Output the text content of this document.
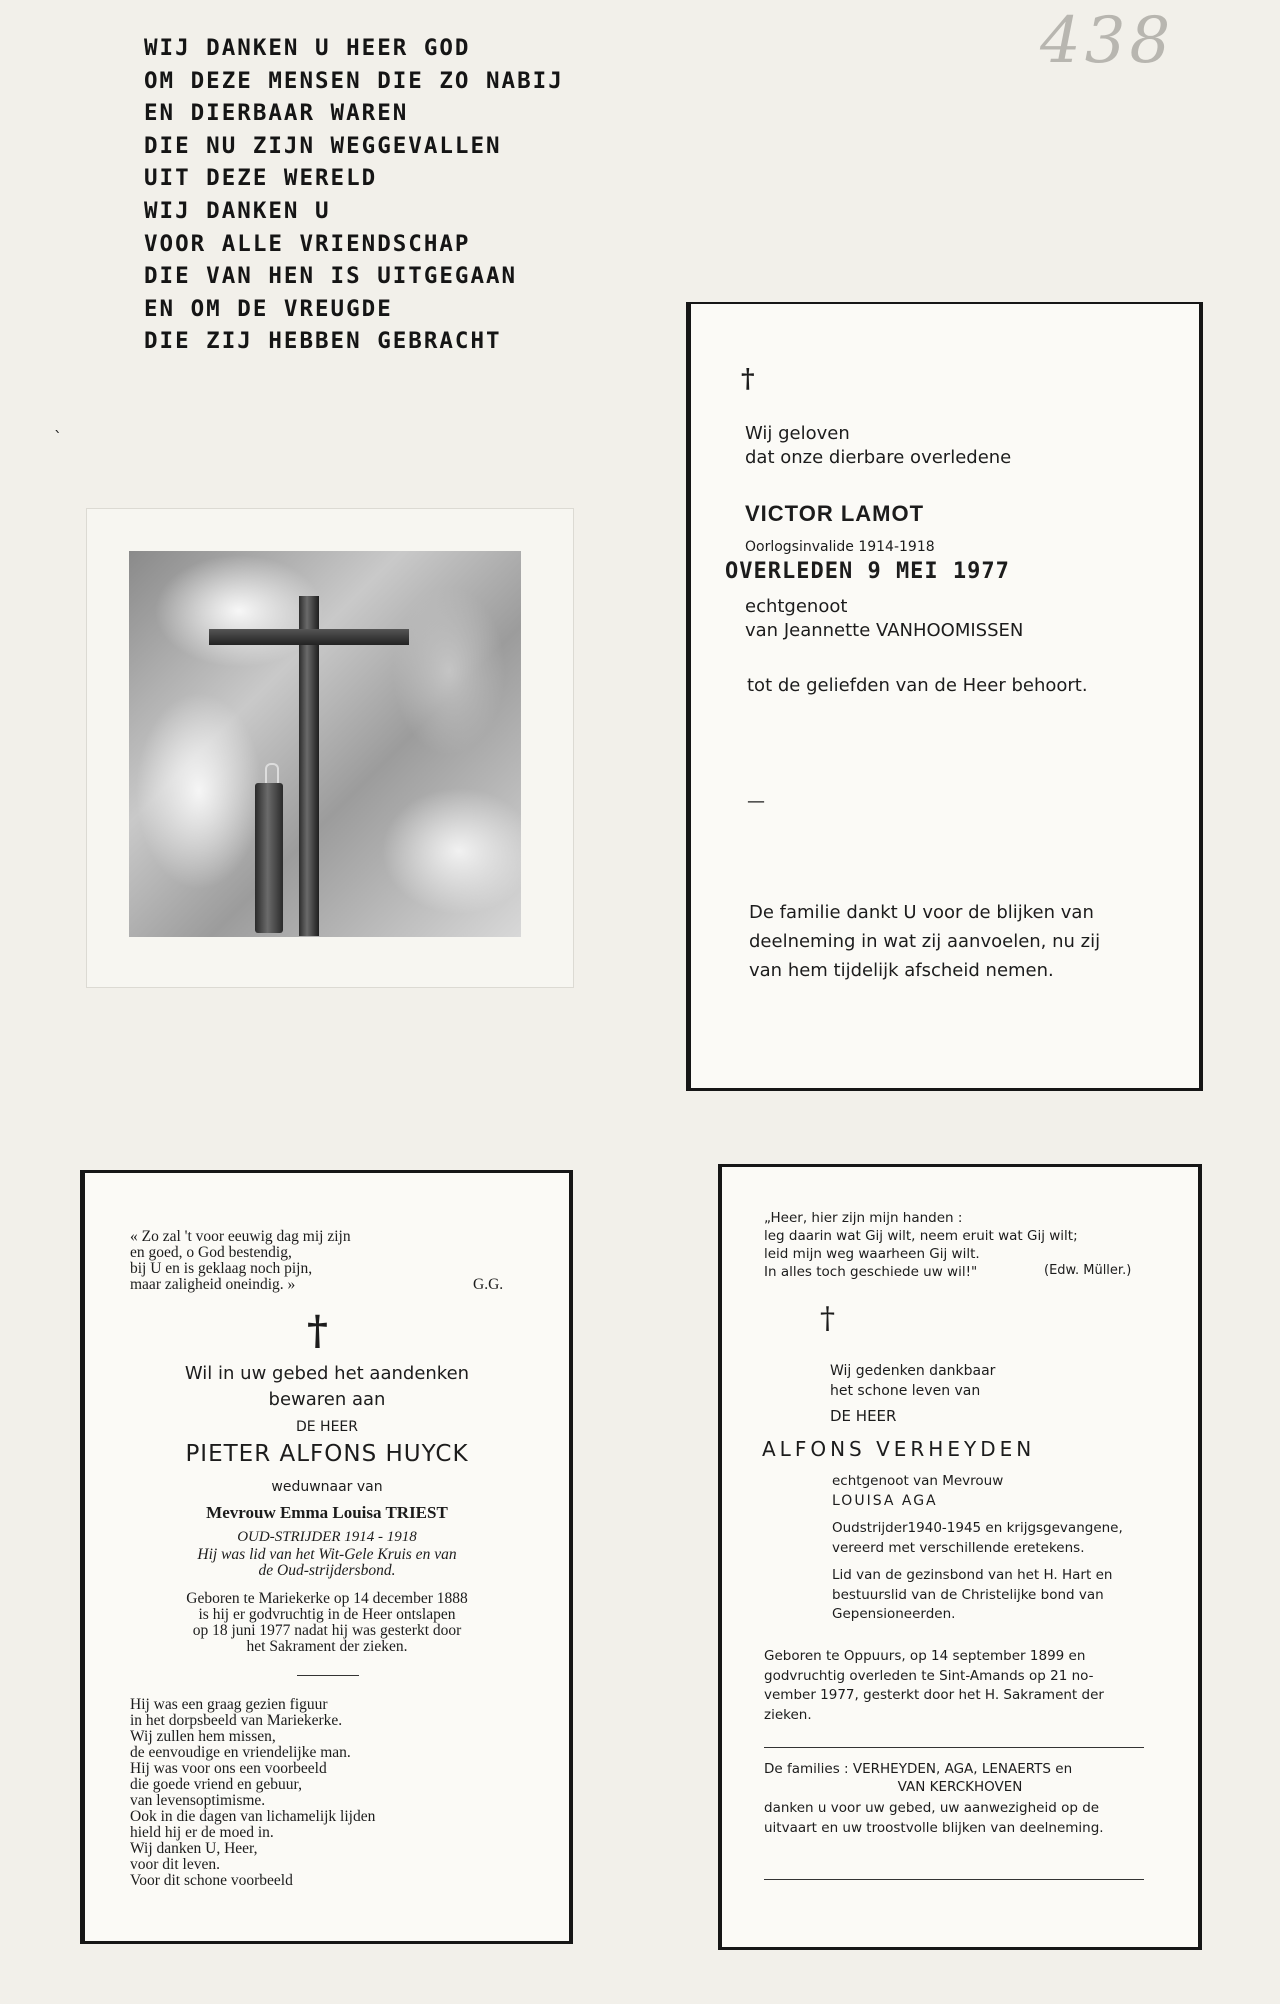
438
WIJ DANKEN U HEER GOD
OM DEZE MENSEN DIE ZO NABIJ
EN DIERBAAR WAREN
DIE NU ZIJN WEGGEVALLEN
UIT DEZE WERELD
WIJ DANKEN U
VOOR ALLE VRIENDSCHAP
DIE VAN HEN IS UITGEGAAN
EN OM DE VREUGDE
DIE ZIJ HEBBEN GEBRACHT
ˋ
†
Wij geloven
dat onze dierbare overledene
VICTOR LAMOT
Oorlogsinvalide 1914-1918
OVERLEDEN 9 MEI 1977
echtgenoot
van Jeannette VANHOOMISSEN
tot de geliefden van de Heer behoort.
—
De familie dankt U voor de blijken van
deelneming in wat zij aanvoelen, nu zij
van hem tijdelijk afscheid nemen.
« Zo zal 't voor eeuwig dag mij zijn
en goed, o God bestendig,
bij U en is geklaag noch pijn,
maar zaligheid oneindig. »	G.G.
†
Wil in uw gebed het aandenken
bewaren aan
DE HEER
PIETER ALFONS HUYCK
weduwnaar van
Mevrouw Emma Louisa TRIEST
OUD-STRIJDER 1914 - 1918
Hij was lid van het Wit-Gele Kruis en van
de Oud-strijdersbond.
Geboren te Mariekerke op 14 december 1888
is hij er godvruchtig in de Heer ontslapen
op 18 juni 1977 nadat hij was gesterkt door
het Sakrament der zieken.
Hij was een graag gezien figuur
in het dorpsbeeld van Mariekerke.
Wij zullen hem missen,
de eenvoudige en vriendelijke man.
Hij was voor ons een voorbeeld
die goede vriend en gebuur,
van levensoptimisme.
Ook in die dagen van lichamelijk lijden
hield hij er de moed in.
Wij danken U, Heer,
voor dit leven.
Voor dit schone voorbeeld
„Heer, hier zijn mijn handen :
leg daarin wat Gij wilt, neem eruit wat Gij wilt;
leid mijn weg waarheen Gij wilt.
In alles toch geschiede uw wil!"	(Edw. Müller.)
†
Wij gedenken dankbaar
het schone leven van
DE HEER
ALFONS VERHEYDEN
echtgenoot van Mevrouw
LOUISA AGA
Oudstrijder1940-1945 en krijgsgevangene,
vereerd met verschillende eretekens.
Lid van de gezinsbond van het H. Hart en
bestuurslid van de Christelijke bond van
Gepensioneerden.
Geboren te Oppuurs, op 14 september 1899 en
godvruchtig overleden te Sint-Amands op 21 no-
vember 1977, gesterkt door het H. Sakrament der
zieken.
De families : VERHEYDEN, AGA, LENAERTS en
VAN KERCKHOVEN
danken u voor uw gebed, uw aanwezigheid op de
uitvaart en uw troostvolle blijken van deelneming.
